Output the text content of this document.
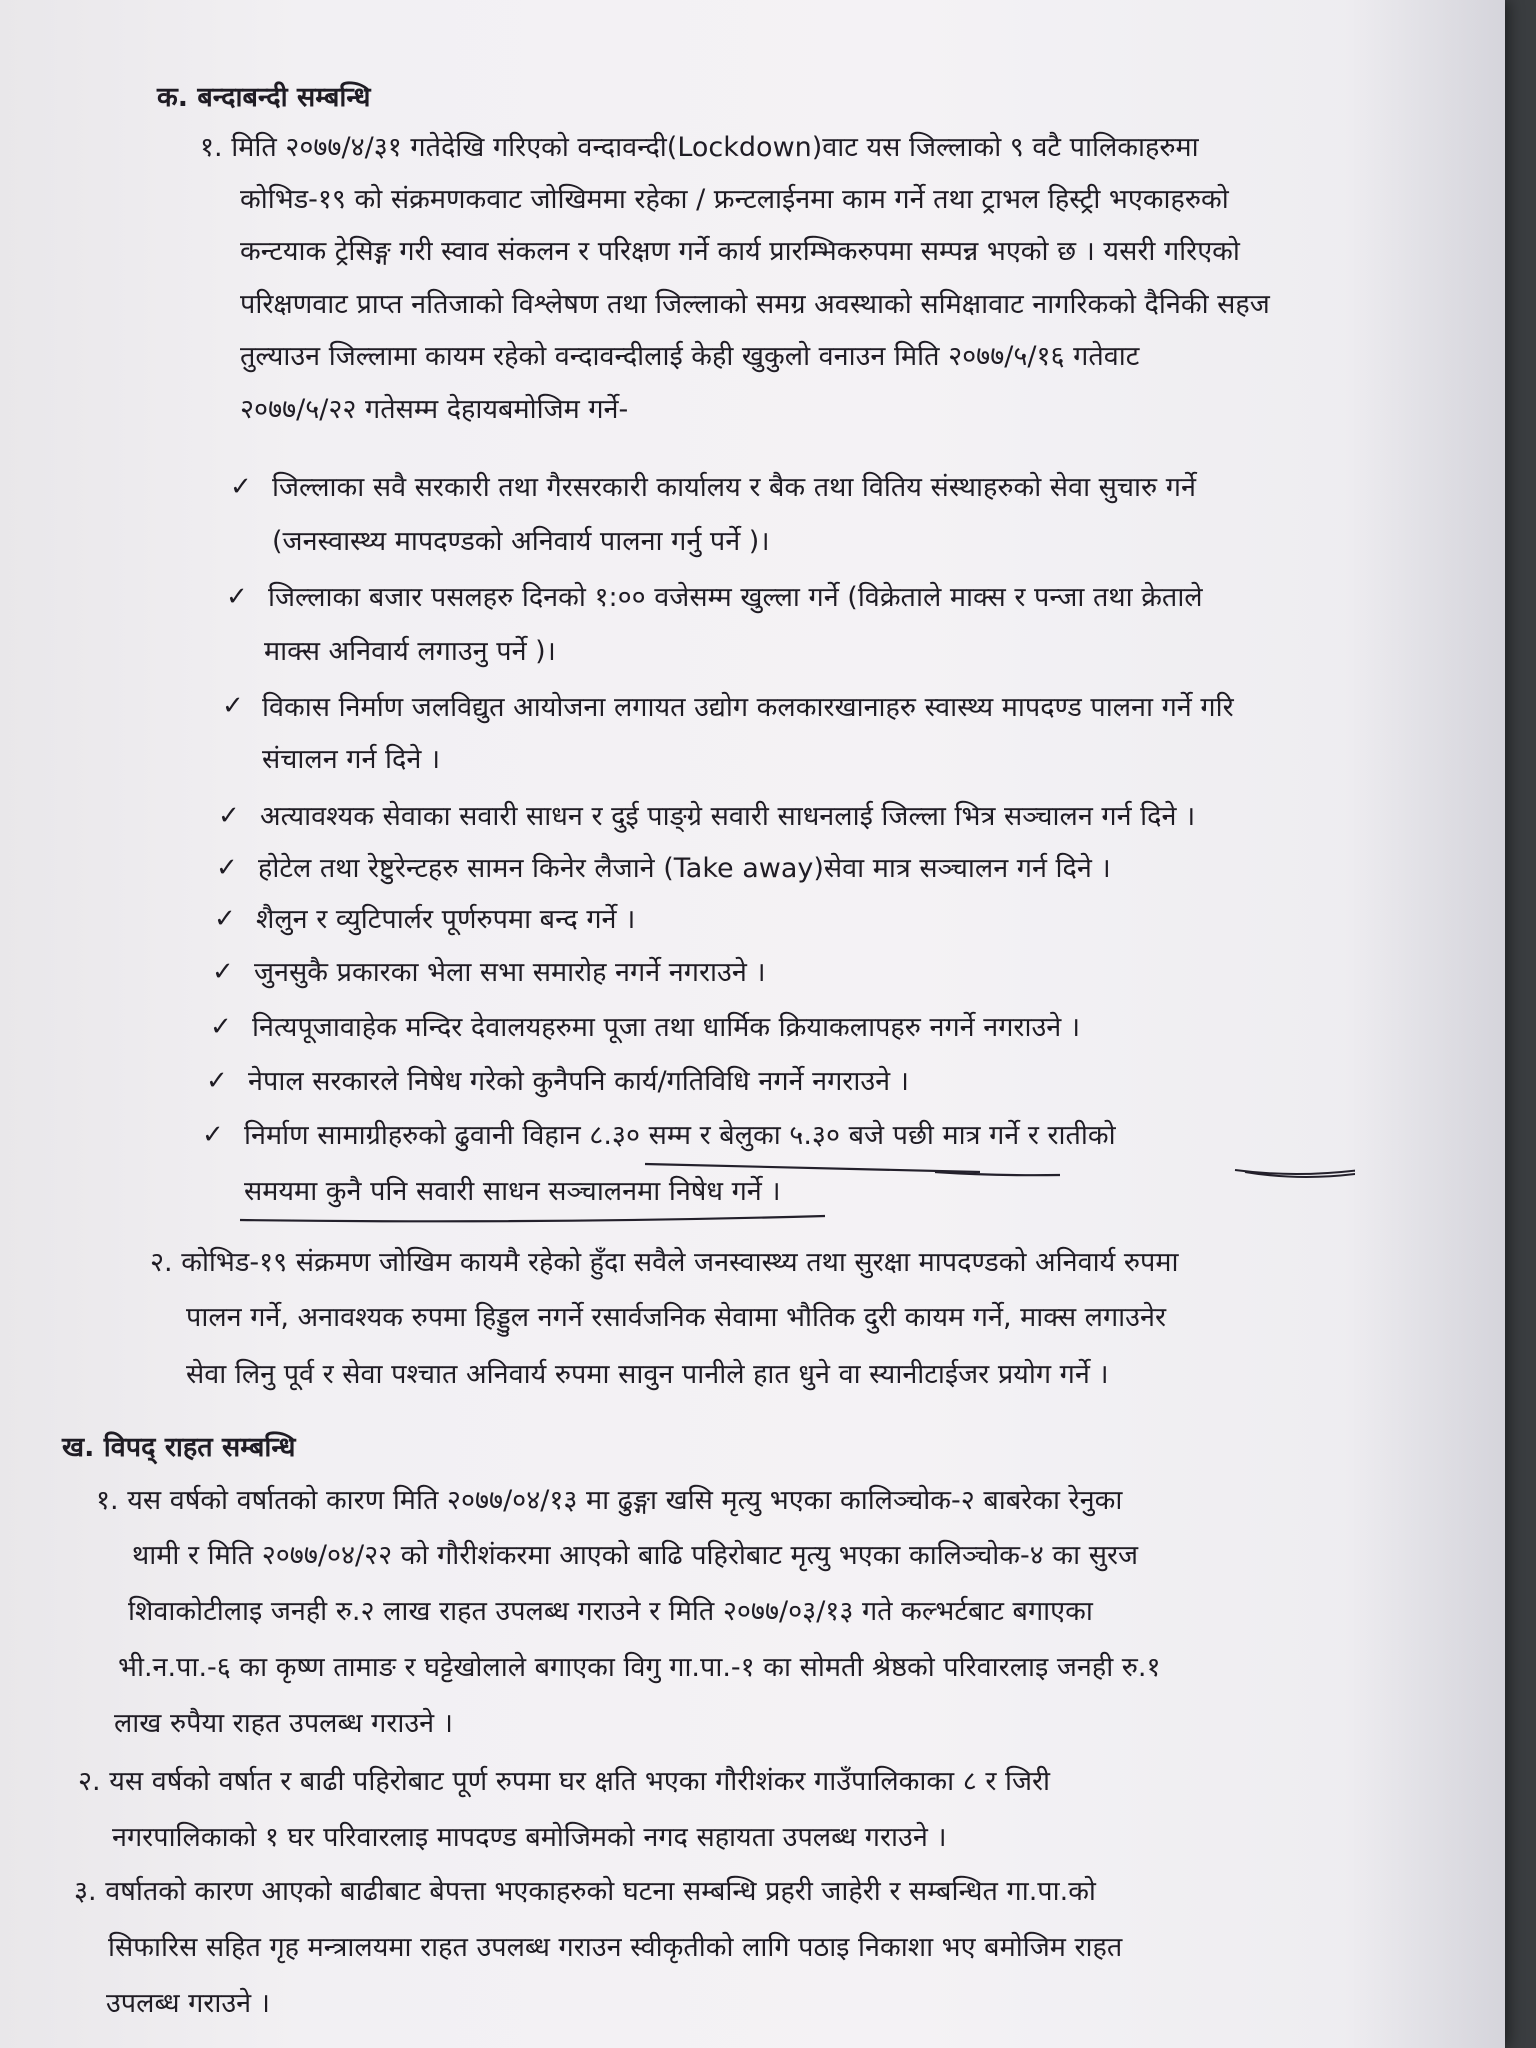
क. बन्दाबन्दी सम्बन्धि
१. मिति २०७७/४/३१ गतेदेखि गरिएको वन्दावन्दी(Lockdown)वाट यस जिल्लाको ९ वटै पालिकाहरुमा
कोभिड-१९ को संक्रमणकवाट जोखिममा रहेका / फ्रन्टलाईनमा काम गर्ने तथा ट्राभल हिस्ट्री भएकाहरुको
कन्टयाक ट्रेसिङ्ग गरी स्वाव संकलन र परिक्षण गर्ने कार्य प्रारम्भिकरुपमा सम्पन्न भएको छ । यसरी गरिएको
परिक्षणवाट प्राप्त नतिजाको विश्लेषण तथा जिल्लाको समग्र अवस्थाको समिक्षावाट नागरिकको दैनिकी सहज
तुल्याउन जिल्लामा कायम रहेको वन्दावन्दीलाई केही खुकुलो वनाउन मिति २०७७/५/१६ गतेवाट
२०७७/५/२२ गतेसम्म देहायबमोजिम गर्ने-
✓ जिल्लाका सवै सरकारी तथा गैरसरकारी कार्यालय र बैक तथा वितिय संस्थाहरुको सेवा सुचारु गर्ने
(जनस्वास्थ्य मापदण्डको अनिवार्य पालना गर्नु पर्ने )।
✓ जिल्लाका बजार पसलहरु दिनको १:०० वजेसम्म खुल्ला गर्ने (विक्रेताले माक्स र पन्जा तथा क्रेताले
माक्स अनिवार्य लगाउनु पर्ने )।
✓ विकास निर्माण जलविद्युत आयोजना लगायत उद्योग कलकारखानाहरु स्वास्थ्य मापदण्ड पालना गर्ने गरि
संचालन गर्न दिने ।
✓ अत्यावश्यक सेवाका सवारी साधन र दुई पाङ्ग्रे सवारी साधनलाई जिल्ला भित्र सञ्चालन गर्न दिने ।
✓ होटेल तथा रेष्टुरेन्टहरु सामन किनेर लैजाने (Take away)सेवा मात्र सञ्चालन गर्न दिने ।
✓ शैलुन र व्युटिपार्लर पूर्णरुपमा बन्द गर्ने ।
✓ जुनसुकै प्रकारका भेला सभा समारोह नगर्ने नगराउने ।
✓ नित्यपूजावाहेक मन्दिर देवालयहरुमा पूजा तथा धार्मिक क्रियाकलापहरु नगर्ने नगराउने ।
✓ नेपाल सरकारले निषेध गरेको कुनैपनि कार्य/गतिविधि नगर्ने नगराउने ।
✓ निर्माण सामाग्रीहरुको ढुवानी विहान ८.३० सम्म र बेलुका ५.३० बजे पछी मात्र गर्ने र रातीको
समयमा कुनै पनि सवारी साधन सञ्चालनमा निषेध गर्ने ।
२. कोभिड-१९ संक्रमण जोखिम कायमै रहेको हुँदा सवैले जनस्वास्थ्य तथा सुरक्षा मापदण्डको अनिवार्य रुपमा
पालन गर्ने, अनावश्यक रुपमा हिड्डुल नगर्ने रसार्वजनिक सेवामा भौतिक दुरी कायम गर्ने, माक्स लगाउनेर
सेवा लिनु पूर्व र सेवा पश्चात अनिवार्य रुपमा सावुन पानीले हात धुने वा स्यानीटाईजर प्रयोग गर्ने ।
ख. विपद् राहत सम्बन्धि
१. यस वर्षको वर्षातको कारण मिति २०७७/०४/१३ मा ढुङ्गा खसि मृत्यु भएका कालिञ्चोक-२ बाबरेका रेनुका
थामी र मिति २०७७/०४/२२ को गौरीशंकरमा आएको बाढि पहिरोबाट मृत्यु भएका कालिञ्चोक-४ का सुरज
शिवाकोटीलाइ जनही रु.२ लाख राहत उपलब्ध गराउने र मिति २०७७/०३/१३ गते कल्भर्टबाट बगाएका
भी.न.पा.-६ का कृष्ण तामाङ र घट्टेखोलाले बगाएका विगु गा.पा.-१ का सोमती श्रेष्ठको परिवारलाइ जनही रु.१
लाख रुपैया राहत उपलब्ध गराउने ।
२. यस वर्षको वर्षात र बाढी पहिरोबाट पूर्ण रुपमा घर क्षति भएका गौरीशंकर गाउँपालिकाका ८ र जिरी
नगरपालिकाको १ घर परिवारलाइ मापदण्ड बमोजिमको नगद सहायता उपलब्ध गराउने ।
३. वर्षातको कारण आएको बाढीबाट बेपत्ता भएकाहरुको घटना सम्बन्धि प्रहरी जाहेरी र सम्बन्धित गा.पा.को
सिफारिस सहित गृह मन्त्रालयमा राहत उपलब्ध गराउन स्वीकृतीको लागि पठाइ निकाशा भए बमोजिम राहत
उपलब्ध गराउने ।
